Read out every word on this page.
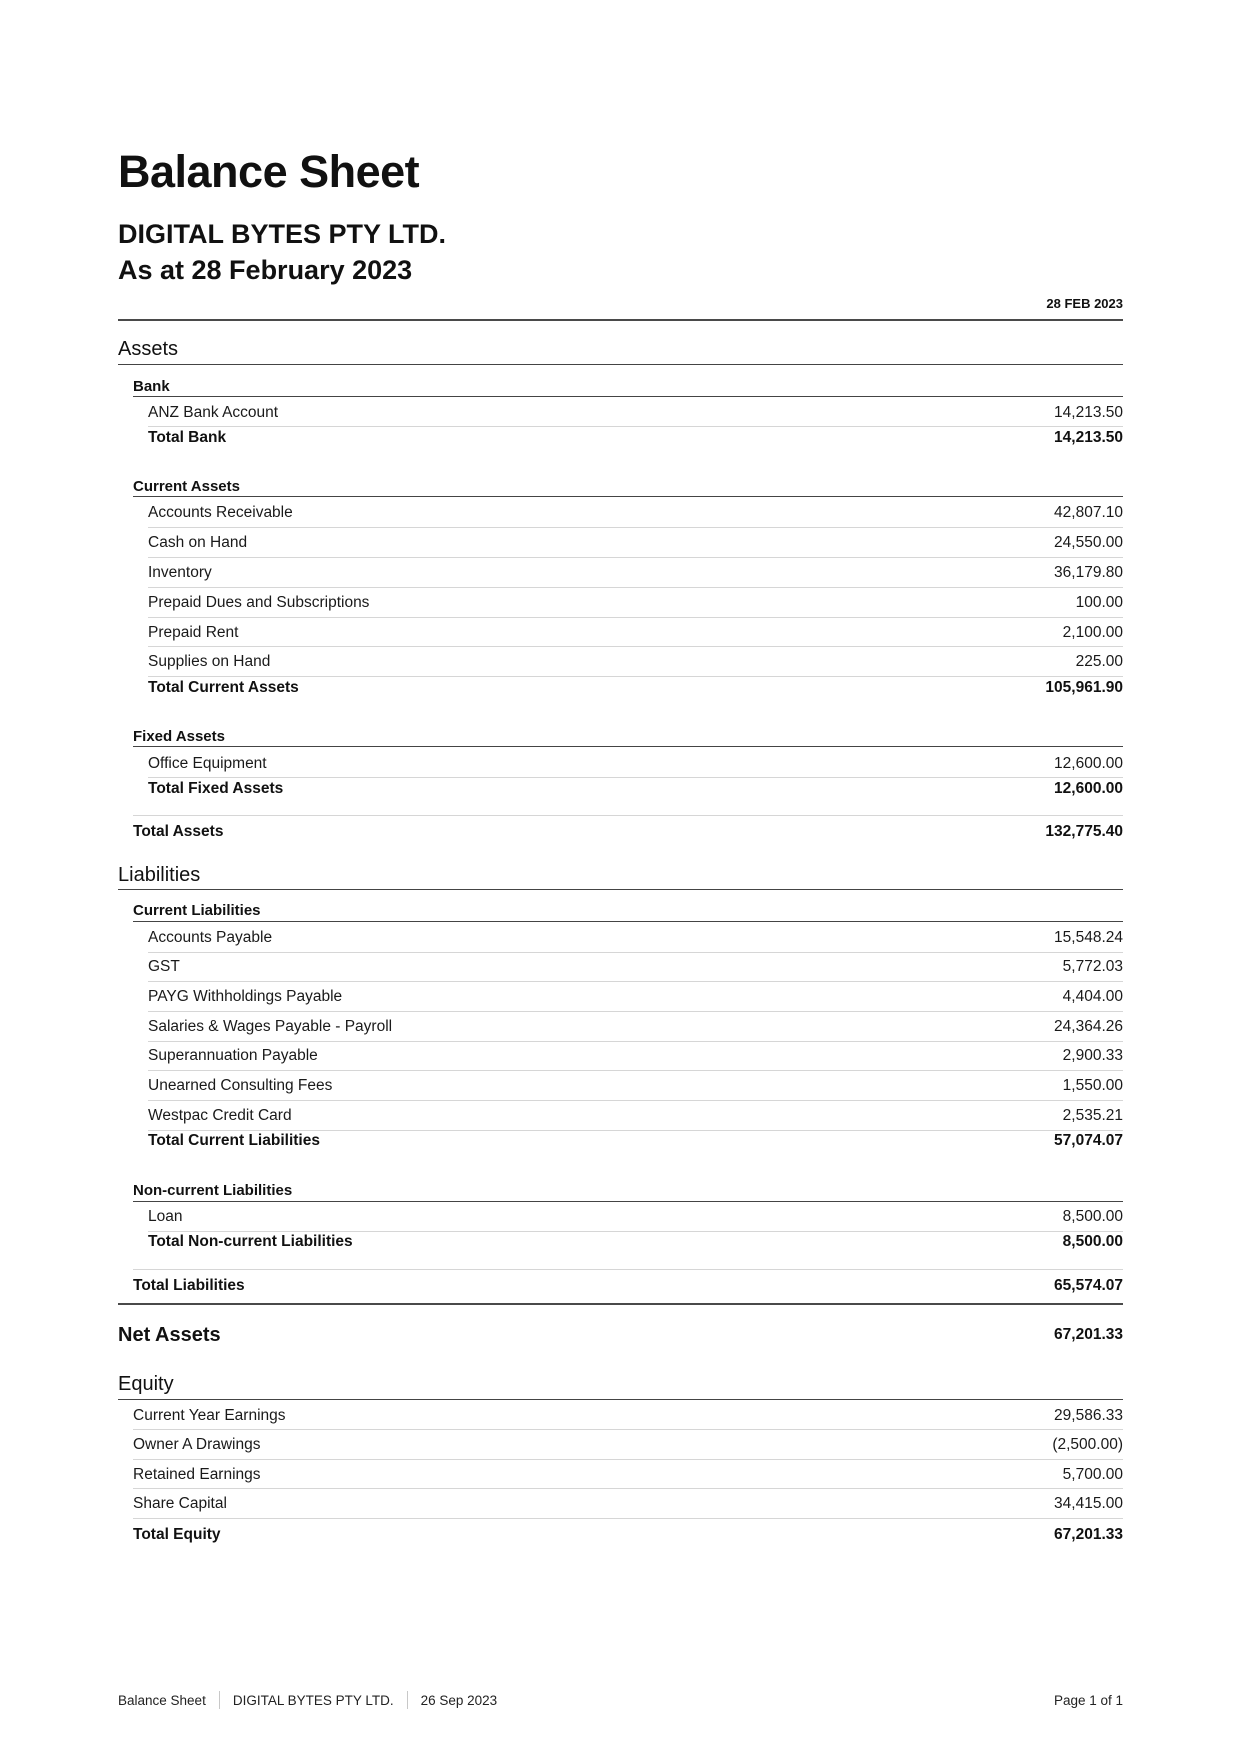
Balance Sheet
DIGITAL BYTES PTY LTD.
As at 28 February 2023
28 FEB 2023
Assets
Bank
ANZ Bank Account	14,213.50
Total Bank	14,213.50
Current Assets
Accounts Receivable	42,807.10
Cash on Hand	24,550.00
Inventory	36,179.80
Prepaid Dues and Subscriptions	100.00
Prepaid Rent	2,100.00
Supplies on Hand	225.00
Total Current Assets	105,961.90
Fixed Assets
Office Equipment	12,600.00
Total Fixed Assets	12,600.00
Total Assets	132,775.40
Liabilities
Current Liabilities
Accounts Payable	15,548.24
GST	5,772.03
PAYG Withholdings Payable	4,404.00
Salaries & Wages Payable - Payroll	24,364.26
Superannuation Payable	2,900.33
Unearned Consulting Fees	1,550.00
Westpac Credit Card	2,535.21
Total Current Liabilities	57,074.07
Non-current Liabilities
Loan	8,500.00
Total Non-current Liabilities	8,500.00
Total Liabilities	65,574.07
Net Assets	67,201.33
Equity
Current Year Earnings	29,586.33
Owner A Drawings	(2,500.00)
Retained Earnings	5,700.00
Share Capital	34,415.00
Total Equity	67,201.33
Balance Sheet DIGITAL BYTES PTY LTD. 26 Sep 2023	Page 1 of 1
